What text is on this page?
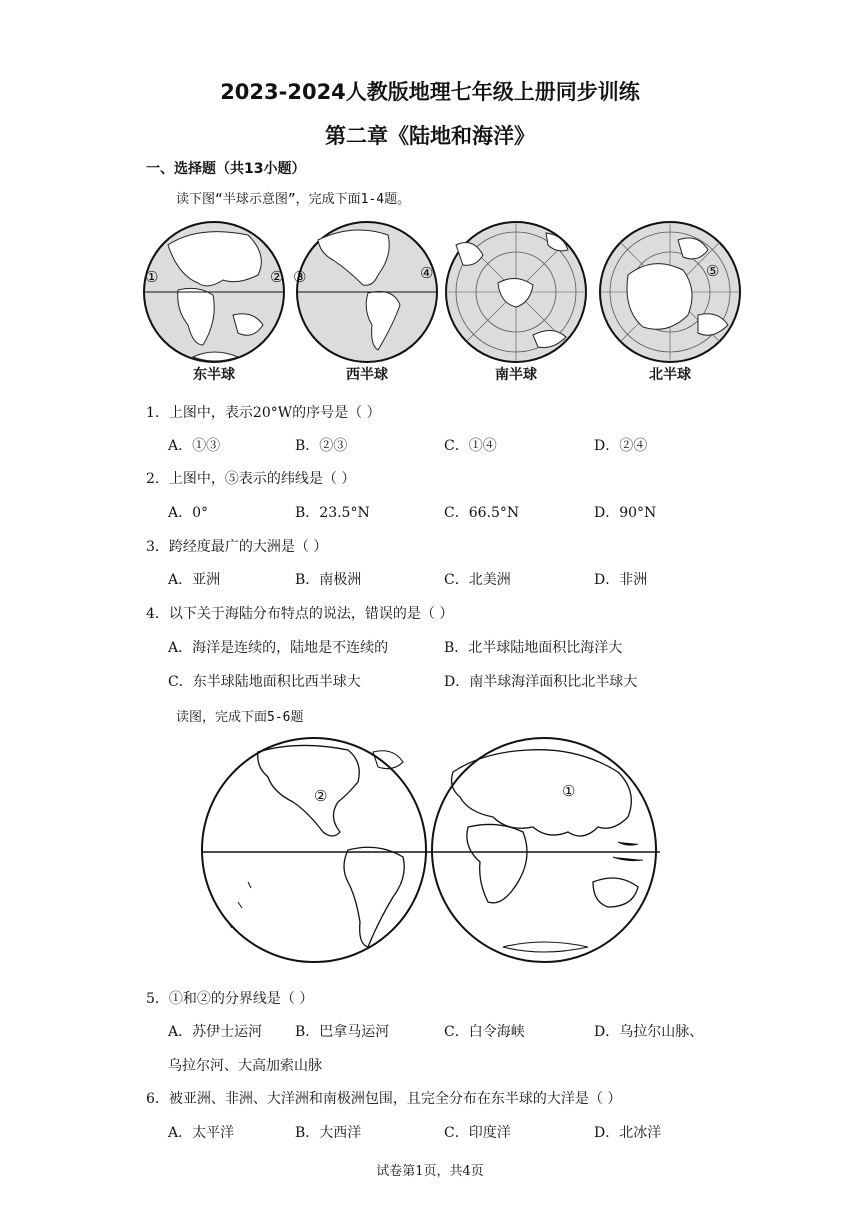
2023-2024人教版地理七年级上册同步训练
第二章《陆地和海洋》
一、选择题（共13小题）
读下图“半球示意图”，完成下面1-4题。
①	② ③	④	⑤
东半球	西半球	南半球	北半球
1．上图中，表示20°W的序号是（ ）
A．①③	B．②③	C．①④	D．②④
2．上图中，⑤表示的纬线是（ ）
A．0°	B．23.5°N	C．66.5°N	D．90°N
3．跨经度最广的大洲是（ ）
A．亚洲	B．南极洲	C．北美洲	D．非洲
4．以下关于海陆分布特点的说法，错误的是（ ）
A．海洋是连续的，陆地是不连续的	B．北半球陆地面积比海洋大
C．东半球陆地面积比西半球大	D．南半球海洋面积比北半球大
读图，完成下面5-6题
②	①
5．①和②的分界线是（ ）
A．苏伊士运河 B．巴拿马运河	C．白令海峡	D．乌拉尔山脉、
乌拉尔河、大高加索山脉
6．被亚洲、非洲、大洋洲和南极洲包围，且完全分布在东半球的大洋是（ ）
A．太平洋	B．大西洋	C．印度洋	D．北冰洋
试卷第1页，共4页
